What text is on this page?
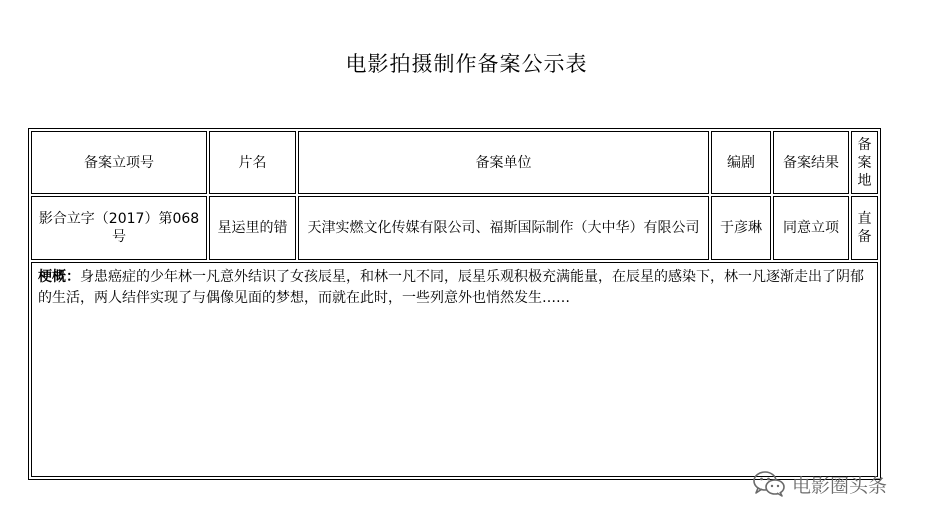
电影拍摄制作备案公示表
备案立项号	片名	备案单位	编剧	备案结果	备案地
影合立字（2017）第068号	星运里的错	天津实燃文化传媒有限公司、福斯国际制作（大中华）有限公司	于彦琳	同意立项	直备
梗概：身患癌症的少年林一凡意外结识了女孩辰星，和林一凡不同，辰星乐观积极充满能量，在辰星的感染下，林一凡逐渐走出了阴郁的生活，两人结伴实现了与偶像见面的梦想，而就在此时，一些列意外也悄然发生……					
电影圈头条
